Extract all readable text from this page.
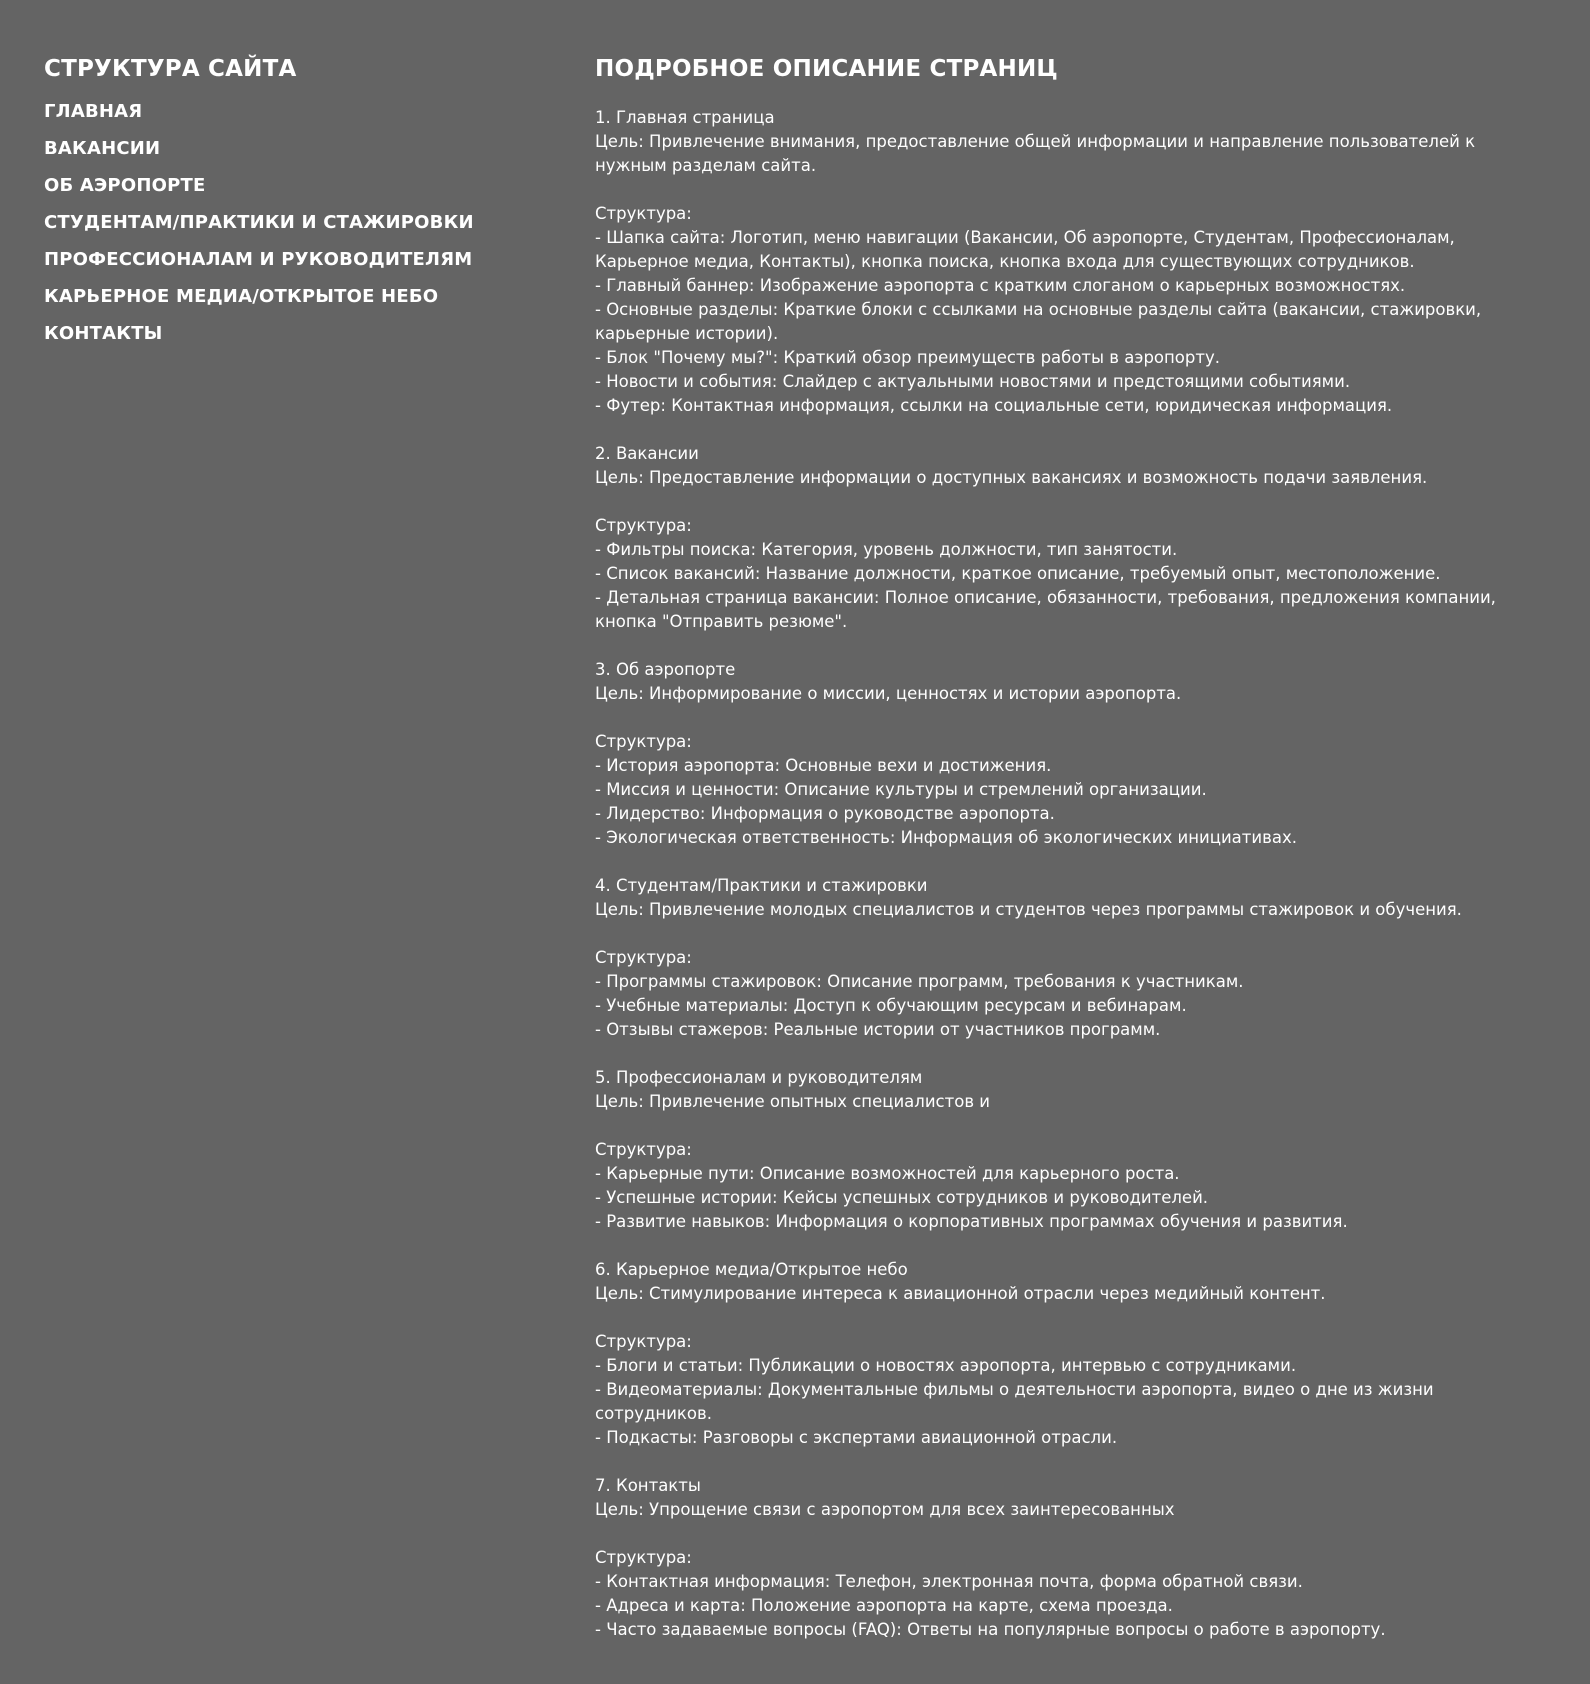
СТРУКТУРА САЙТА
ГЛАВНАЯ
ВАКАНСИИ
ОБ АЭРОПОРТЕ
СТУДЕНТАМ/ПРАКТИКИ И СТАЖИРОВКИ
ПРОФЕССИОНАЛАМ И РУКОВОДИТЕЛЯМ
КАРЬЕРНОЕ МЕДИА/ОТКРЫТОЕ НЕБО
КОНТАКТЫ
ПОДРОБНОЕ ОПИСАНИЕ СТРАНИЦ
1. Главная страница
Цель: Привлечение внимания, предоставление общей информации и направление пользователей к нужным разделам сайта.
Структура:
- Шапка сайта: Логотип, меню навигации (Вакансии, Об аэропорте, Студентам, Профессионалам, Карьерное медиа, Контакты), кнопка поиска, кнопка входа для существующих сотрудников.
- Главный баннер: Изображение аэропорта с кратким слоганом о карьерных возможностях.
- Основные разделы: Краткие блоки с ссылками на основные разделы сайта (вакансии, стажировки, карьерные истории).
- Блок "Почему мы?": Краткий обзор преимуществ работы в аэропорту.
- Новости и события: Слайдер с актуальными новостями и предстоящими событиями.
- Футер: Контактная информация, ссылки на социальные сети, юридическая информация.
2. Вакансии
Цель: Предоставление информации о доступных вакансиях и возможность подачи заявления.
Структура:
- Фильтры поиска: Категория, уровень должности, тип занятости.
- Список вакансий: Название должности, краткое описание, требуемый опыт, местоположение.
- Детальная страница вакансии: Полное описание, обязанности, требования, предложения компании, кнопка "Отправить резюме".
3. Об аэропорте
Цель: Информирование о миссии, ценностях и истории аэропорта.
Структура:
- История аэропорта: Основные вехи и достижения.
- Миссия и ценности: Описание культуры и стремлений организации.
- Лидерство: Информация о руководстве аэропорта.
- Экологическая ответственность: Информация об экологических инициативах.
4. Студентам/Практики и стажировки
Цель: Привлечение молодых специалистов и студентов через программы стажировок и обучения.
Структура:
- Программы стажировок: Описание программ, требования к участникам.
- Учебные материалы: Доступ к обучающим ресурсам и вебинарам.
- Отзывы стажеров: Реальные истории от участников программ.
5. Профессионалам и руководителям
Цель: Привлечение опытных специалистов и
Структура:
- Карьерные пути: Описание возможностей для карьерного роста.
- Успешные истории: Кейсы успешных сотрудников и руководителей.
- Развитие навыков: Информация о корпоративных программах обучения и развития.
6. Карьерное медиа/Открытое небо
Цель: Стимулирование интереса к авиационной отрасли через медийный контент.
Структура:
- Блоги и статьи: Публикации о новостях аэропорта, интервью с сотрудниками.
- Видеоматериалы: Документальные фильмы о деятельности аэропорта, видео о дне из жизни сотрудников.
- Подкасты: Разговоры с экспертами авиационной отрасли.
7. Контакты
Цель: Упрощение связи с аэропортом для всех заинтересованных
Структура:
- Контактная информация: Телефон, электронная почта, форма обратной связи.
- Адреса и карта: Положение аэропорта на карте, схема проезда.
- Часто задаваемые вопросы (FAQ): Ответы на популярные вопросы о работе в аэропорту.
